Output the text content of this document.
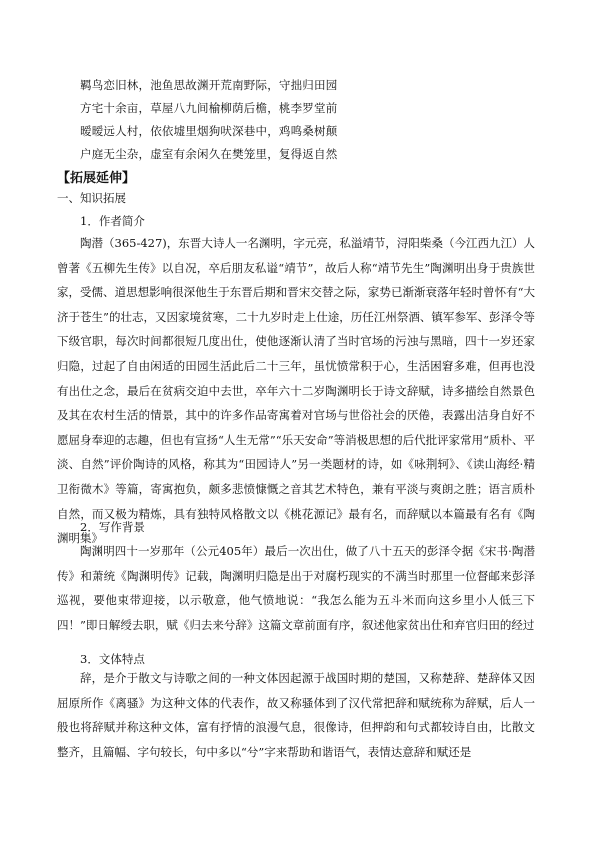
羁鸟恋旧林，池鱼思故渊开荒南野际，守拙归田园
方宅十余亩，草屋八九间榆柳荫后檐，桃李罗堂前
暧暧远人村，依依墟里烟狗吠深巷中，鸡鸣桑树颠
户庭无尘杂，虚室有余闲久在樊笼里，复得返自然
【拓展延伸】
一、知识拓展
1．作者简介

陶潜（365-427)，东晋大诗人一名渊明，字元亮，私溢靖节，浔阳柴桑（今江西九江）人曾著《五柳先生传》以自况，卒后朋友私谥“靖节”，故后人称“靖节先生”陶渊明出身于贵族世家，受儒、道思想影响很深他生于东晋后期和晋宋交替之际，家势已渐渐衰落年轻时曾怀有“大济于苍生”的壮志，又因家境贫寒，二十九岁时走上仕途，历任江州祭酒、镇军参军、彭泽令等下级官职，每次时间都很短几度出仕，使他逐渐认清了当时官场的污浊与黑暗，四十一岁还家归隐，过起了自由闲适的田园生活此后二十三年，虽忧愤常积于心，生活困窘多难，但再也没有出仕之念，最后在贫病交迫中去世，卒年六十二岁陶渊明长于诗文辞赋，诗多描绘自然景色及其在农村生活的情景，其中的许多作品寄寓着对官场与世俗社会的厌倦，表露出洁身自好不愿屈身奉迎的志趣，但也有宣扬“人生无常”“乐天安命”等消极思想的后代批评家常用“质朴、平淡、自然”评价陶诗的风格，称其为“田园诗人”另一类题材的诗，如《咏荆轲》、《读山海经·精卫衔微木》等篇，寄寓抱负，颇多悲愤慷慨之音其艺术特色，兼有平淡与爽朗之胜；语言质朴自然，而又极为精炼，具有独特风格散文以《桃花源记》最有名，而辞赋以本篇最有名有《陶渊明集》

2．写作背景

陶渊明四十一岁那年（公元405年）最后一次出仕，做了八十五天的彭泽令据《宋书·陶潜传》和萧统《陶渊明传》记载，陶渊明归隐是出于对腐朽现实的不满当时那里一位督邮来彭泽巡视，要他束带迎接，以示敬意，他气愤地说：“我怎么能为五斗米而向这乡里小人低三下四！”即日解绶去职，赋《归去来兮辞》这篇文章前面有序，叙述他家贫出仕和弃官归田的经过

3．文体特点

辞，是介于散文与诗歌之间的一种文体因起源于战国时期的楚国，又称楚辞、楚辞体又因屈原所作《离骚》为这种文体的代表作，故又称骚体到了汉代常把辞和赋统称为辞赋，后人一般也将辞赋并称这种文体，富有抒情的浪漫气息，很像诗，但押韵和句式都较诗自由，比散文整齐，且篇幅、字句较长，句中多以“兮”字来帮助和谐语气，表情达意辞和赋还是
